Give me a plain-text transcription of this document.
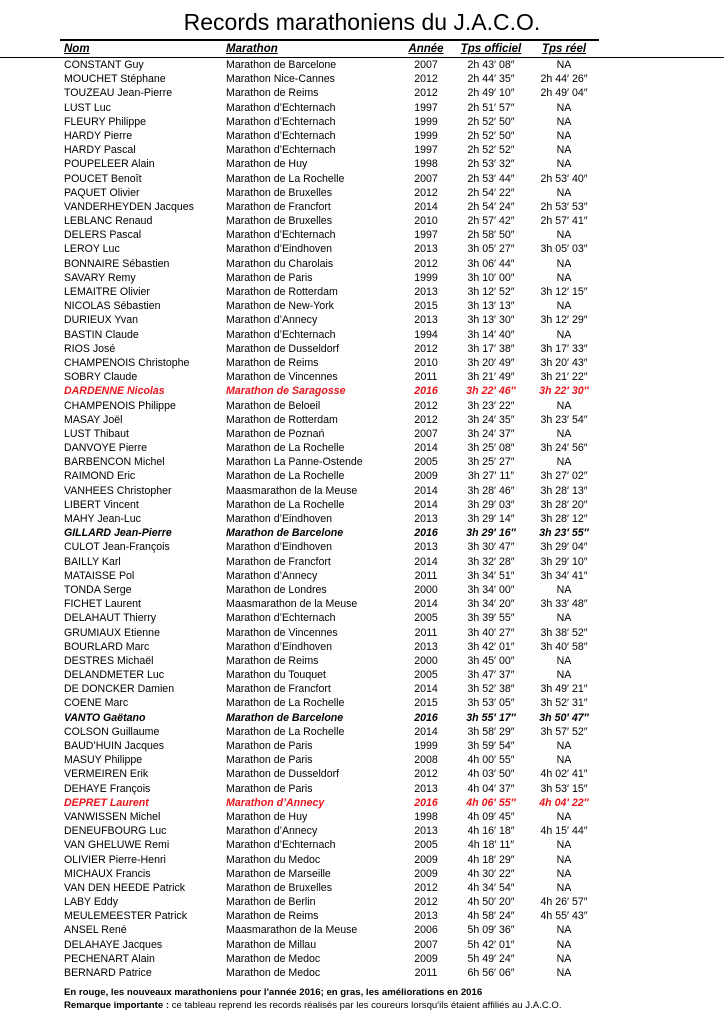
Records marathoniens du J.A.C.O.
Nom	Marathon	Année	Tps officiel	Tps réel
CONSTANT Guy	Marathon de Barcelone	2007	2h 43′ 08″	NA
MOUCHET Stéphane	Marathon Nice-Cannes	2012	2h 44′ 35″	2h 44′ 26″
TOUZEAU Jean-Pierre	Marathon de Reims	2012	2h 49′ 10″	2h 49′ 04″
LUST Luc	Marathon d’Echternach	1997	2h 51′ 57″	NA
FLEURY Philippe	Marathon d’Echternach	1999	2h 52′ 50″	NA
HARDY Pierre	Marathon d’Echternach	1999	2h 52′ 50″	NA
HARDY Pascal	Marathon d’Echternach	1997	2h 52′ 52″	NA
POUPELEER Alain	Marathon de Huy	1998	2h 53′ 32″	NA
POUCET Benoît	Marathon de La Rochelle	2007	2h 53′ 44″	2h 53′ 40″
PAQUET Olivier	Marathon de Bruxelles	2012	2h 54′ 22″	NA
VANDERHEYDEN Jacques	Marathon de Francfort	2014	2h 54′ 24″	2h 53′ 53″
LEBLANC Renaud	Marathon de Bruxelles	2010	2h 57′ 42″	2h 57′ 41″
DELERS Pascal	Marathon d’Echternach	1997	2h 58′ 50″	NA
LEROY Luc	Marathon d’Eindhoven	2013	3h 05′ 27″	3h 05′ 03″
BONNAIRE Sébastien	Marathon du Charolais	2012	3h 06′ 44″	NA
SAVARY Remy	Marathon de Paris	1999	3h 10′ 00″	NA
LEMAITRE Olivier	Marathon de Rotterdam	2013	3h 12′ 52″	3h 12′ 15″
NICOLAS Sébastien	Marathon de New-York	2015	3h 13′ 13″	NA
DURIEUX Yvan	Marathon d’Annecy	2013	3h 13′ 30″	3h 12′ 29″
BASTIN Claude	Marathon d’Echternach	1994	3h 14′ 40″	NA
RIOS José	Marathon de Dusseldorf	2012	3h 17′ 38″	3h 17′ 33″
CHAMPENOIS Christophe	Marathon de Reims	2010	3h 20′ 49″	3h 20′ 43″
SOBRY Claude	Marathon de Vincennes	2011	3h 21′ 49″	3h 21′ 22″
DARDENNE Nicolas	Marathon de Saragosse	2016	3h 22′ 46″	3h 22′ 30″
CHAMPENOIS Philippe	Marathon de Beloeil	2012	3h 23′ 22″	NA
MASAY Joël	Marathon de Rotterdam	2012	3h 24′ 35″	3h 23′ 54″
LUST Thibaut	Marathon de Poznań	2007	3h 24′ 37″	NA
DANVOYE Pierre	Marathon de La Rochelle	2014	3h 25′ 08″	3h 24′ 56″
BARBENCON Michel	Marathon La Panne-Ostende	2005	3h 25′ 27″	NA
RAIMOND Eric	Marathon de La Rochelle	2009	3h 27′ 11″	3h 27′ 02″
VANHEES Christopher	Maasmarathon de la Meuse	2014	3h 28′ 46″	3h 28′ 13″
LIBERT Vincent	Marathon de La Rochelle	2014	3h 29′ 03″	3h 28′ 20″
MAHY Jean-Luc	Marathon d’Eindhoven	2013	3h 29′ 14″	3h 28′ 12″
GILLARD Jean-Pierre	Marathon de Barcelone	2016	3h 29′ 16″	3h 23′ 55″
CULOT Jean-François	Marathon d’Eindhoven	2013	3h 30′ 47″	3h 29′ 04″
BAILLY Karl	Marathon de Francfort	2014	3h 32′ 28″	3h 29′ 10″
MATAISSE Pol	Marathon d’Annecy	2011	3h 34′ 51″	3h 34′ 41″
TONDA Serge	Marathon de Londres	2000	3h 34′ 00″	NA
FICHET Laurent	Maasmarathon de la Meuse	2014	3h 34′ 20″	3h 33′ 48″
DELAHAUT Thierry	Marathon d’Echternach	2005	3h 39′ 55″	NA
GRUMIAUX Etienne	Marathon de Vincennes	2011	3h 40′ 27″	3h 38′ 52″
BOURLARD Marc	Marathon d’Eindhoven	2013	3h 42′ 01″	3h 40′ 58″
DESTRES Michaël	Marathon de Reims	2000	3h 45′ 00″	NA
DELANDMETER Luc	Marathon du Touquet	2005	3h 47′ 37″	NA
DE DONCKER Damien	Marathon de Francfort	2014	3h 52′ 38″	3h 49′ 21″
COENE Marc	Marathon de La Rochelle	2015	3h 53′ 05″	3h 52′ 31″
VANTO Gaëtano	Marathon de Barcelone	2016	3h 55′ 17″	3h 50′ 47″
COLSON Guillaume	Marathon de La Rochelle	2014	3h 58′ 29″	3h 57′ 52″
BAUD’HUIN Jacques	Marathon de Paris	1999	3h 59′ 54″	NA
MASUY Philippe	Marathon de Paris	2008	4h 00′ 55″	NA
VERMEIREN Erik	Marathon de Dusseldorf	2012	4h 03′ 50″	4h 02′ 41″
DEHAYE François	Marathon de Paris	2013	4h 04′ 37″	3h 53′ 15″
DEPRET Laurent	Marathon d’Annecy	2016	4h 06′ 55″	4h 04′ 22″
VANWISSEN Michel	Marathon de Huy	1998	4h 09′ 45″	NA
DENEUFBOURG Luc	Marathon d’Annecy	2013	4h 16′ 18″	4h 15′ 44″
VAN GHELUWE Remi	Marathon d’Echternach	2005	4h 18′ 11″	NA
OLIVIER Pierre-Henri	Marathon du Medoc	2009	4h 18′ 29″	NA
MICHAUX Francis	Marathon de Marseille	2009	4h 30′ 22″	NA
VAN DEN HEEDE Patrick	Marathon de Bruxelles	2012	4h 34′ 54″	NA
LABY Eddy	Marathon de Berlin	2012	4h 50′ 20″	4h 26′ 57″
MEULEMEESTER Patrick	Marathon de Reims	2013	4h 58′ 24″	4h 55′ 43″
ANSEL René	Maasmarathon de la Meuse	2006	5h 09′ 36″	NA
DELAHAYE Jacques	Marathon de Millau	2007	5h 42′ 01″	NA
PECHENART Alain	Marathon de Medoc	2009	5h 49′ 24″	NA
BERNARD Patrice	Marathon de Medoc	2011	6h 56′ 06″	NA
En rouge, les nouveaux marathoniens pour l'année 2016; en gras, les améliorations en 2016
Remarque importante : ce tableau reprend les records réalisés par les coureurs lorsqu'ils étaient affiliés au J.A.C.O.
